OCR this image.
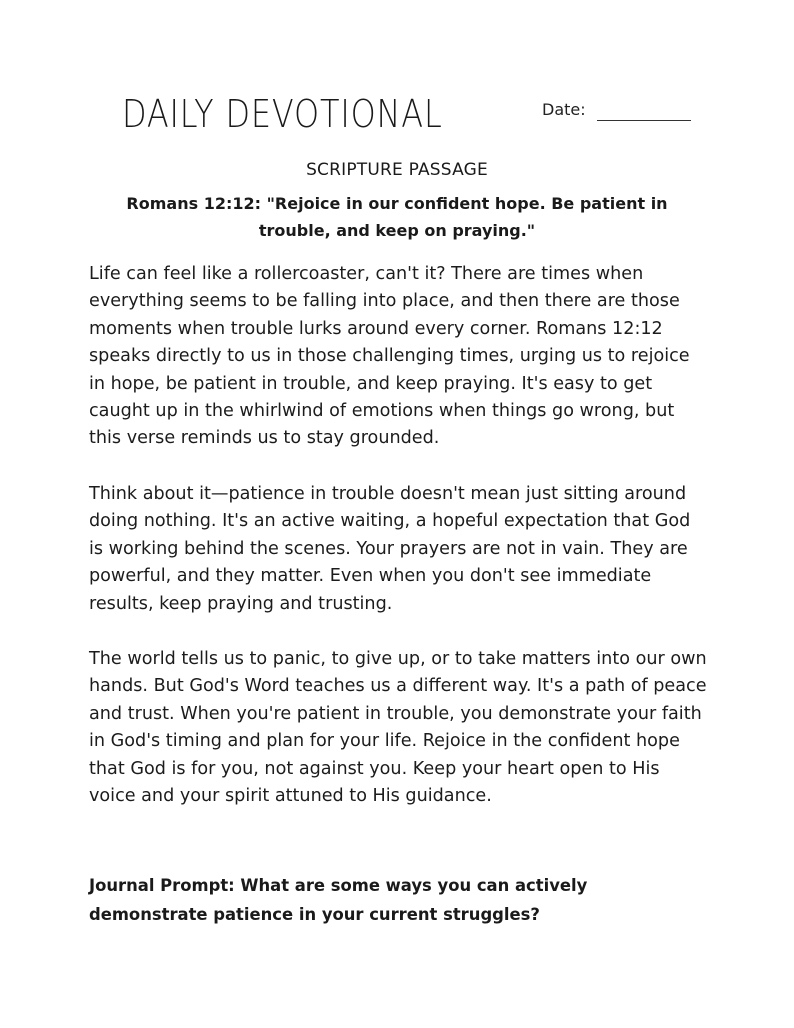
DAILY DEVOTIONAL	Date:
SCRIPTURE PASSAGE
Romans 12:12: "Rejoice in our confident hope. Be patient in trouble, and keep on praying."
Life can feel like a rollercoaster, can't it? There are times when everything seems to be falling into place, and then there are those moments when trouble lurks around every corner. Romans 12:12 speaks directly to us in those challenging times, urging us to rejoice in hope, be patient in trouble, and keep praying. It's easy to get caught up in the whirlwind of emotions when things go wrong, but this verse reminds us to stay grounded.
Think about it—patience in trouble doesn't mean just sitting around doing nothing. It's an active waiting, a hopeful expectation that God is working behind the scenes. Your prayers are not in vain. They are powerful, and they matter. Even when you don't see immediate results, keep praying and trusting.
The world tells us to panic, to give up, or to take matters into our own hands. But God's Word teaches us a different way. It's a path of peace and trust. When you're patient in trouble, you demonstrate your faith in God's timing and plan for your life. Rejoice in the confident hope that God is for you, not against you. Keep your heart open to His voice and your spirit attuned to His guidance.
Journal Prompt: What are some ways you can actively demonstrate patience in your current struggles?
